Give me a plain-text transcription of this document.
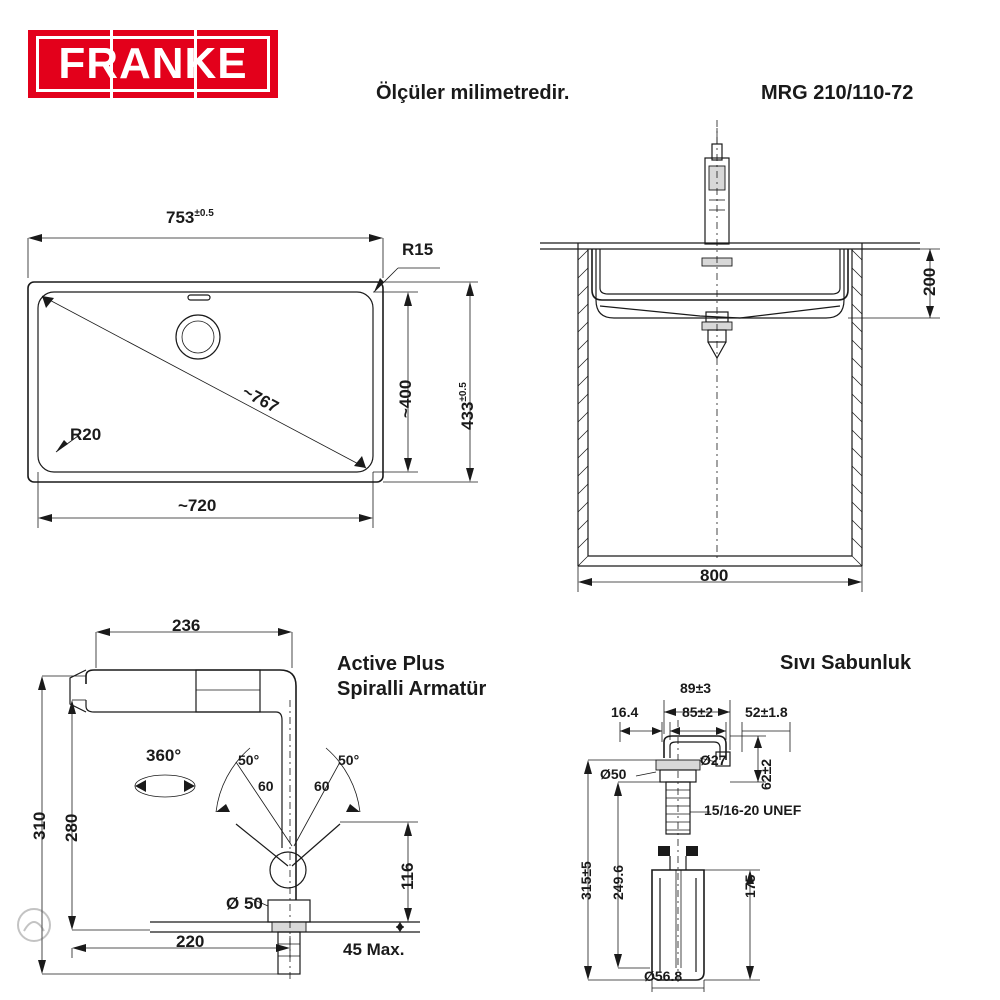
FRANKE
Ölçüler milimetredir.	MRG 210/110-72
753±0.5
R15
R20
~767
~720
~400	433±0.5
200
800
Active Plus
Spiralli Armatür
236
360°	50°	50°
60	60
310 280
116
Ø 50
220	45 Max.
Sıvı Sabunluk
89±3
85±2
16.4	52±1.8
62±2
Ø50
Ø27
15/16-20 UNEF
315±5 249.6	175
Ø56.8
